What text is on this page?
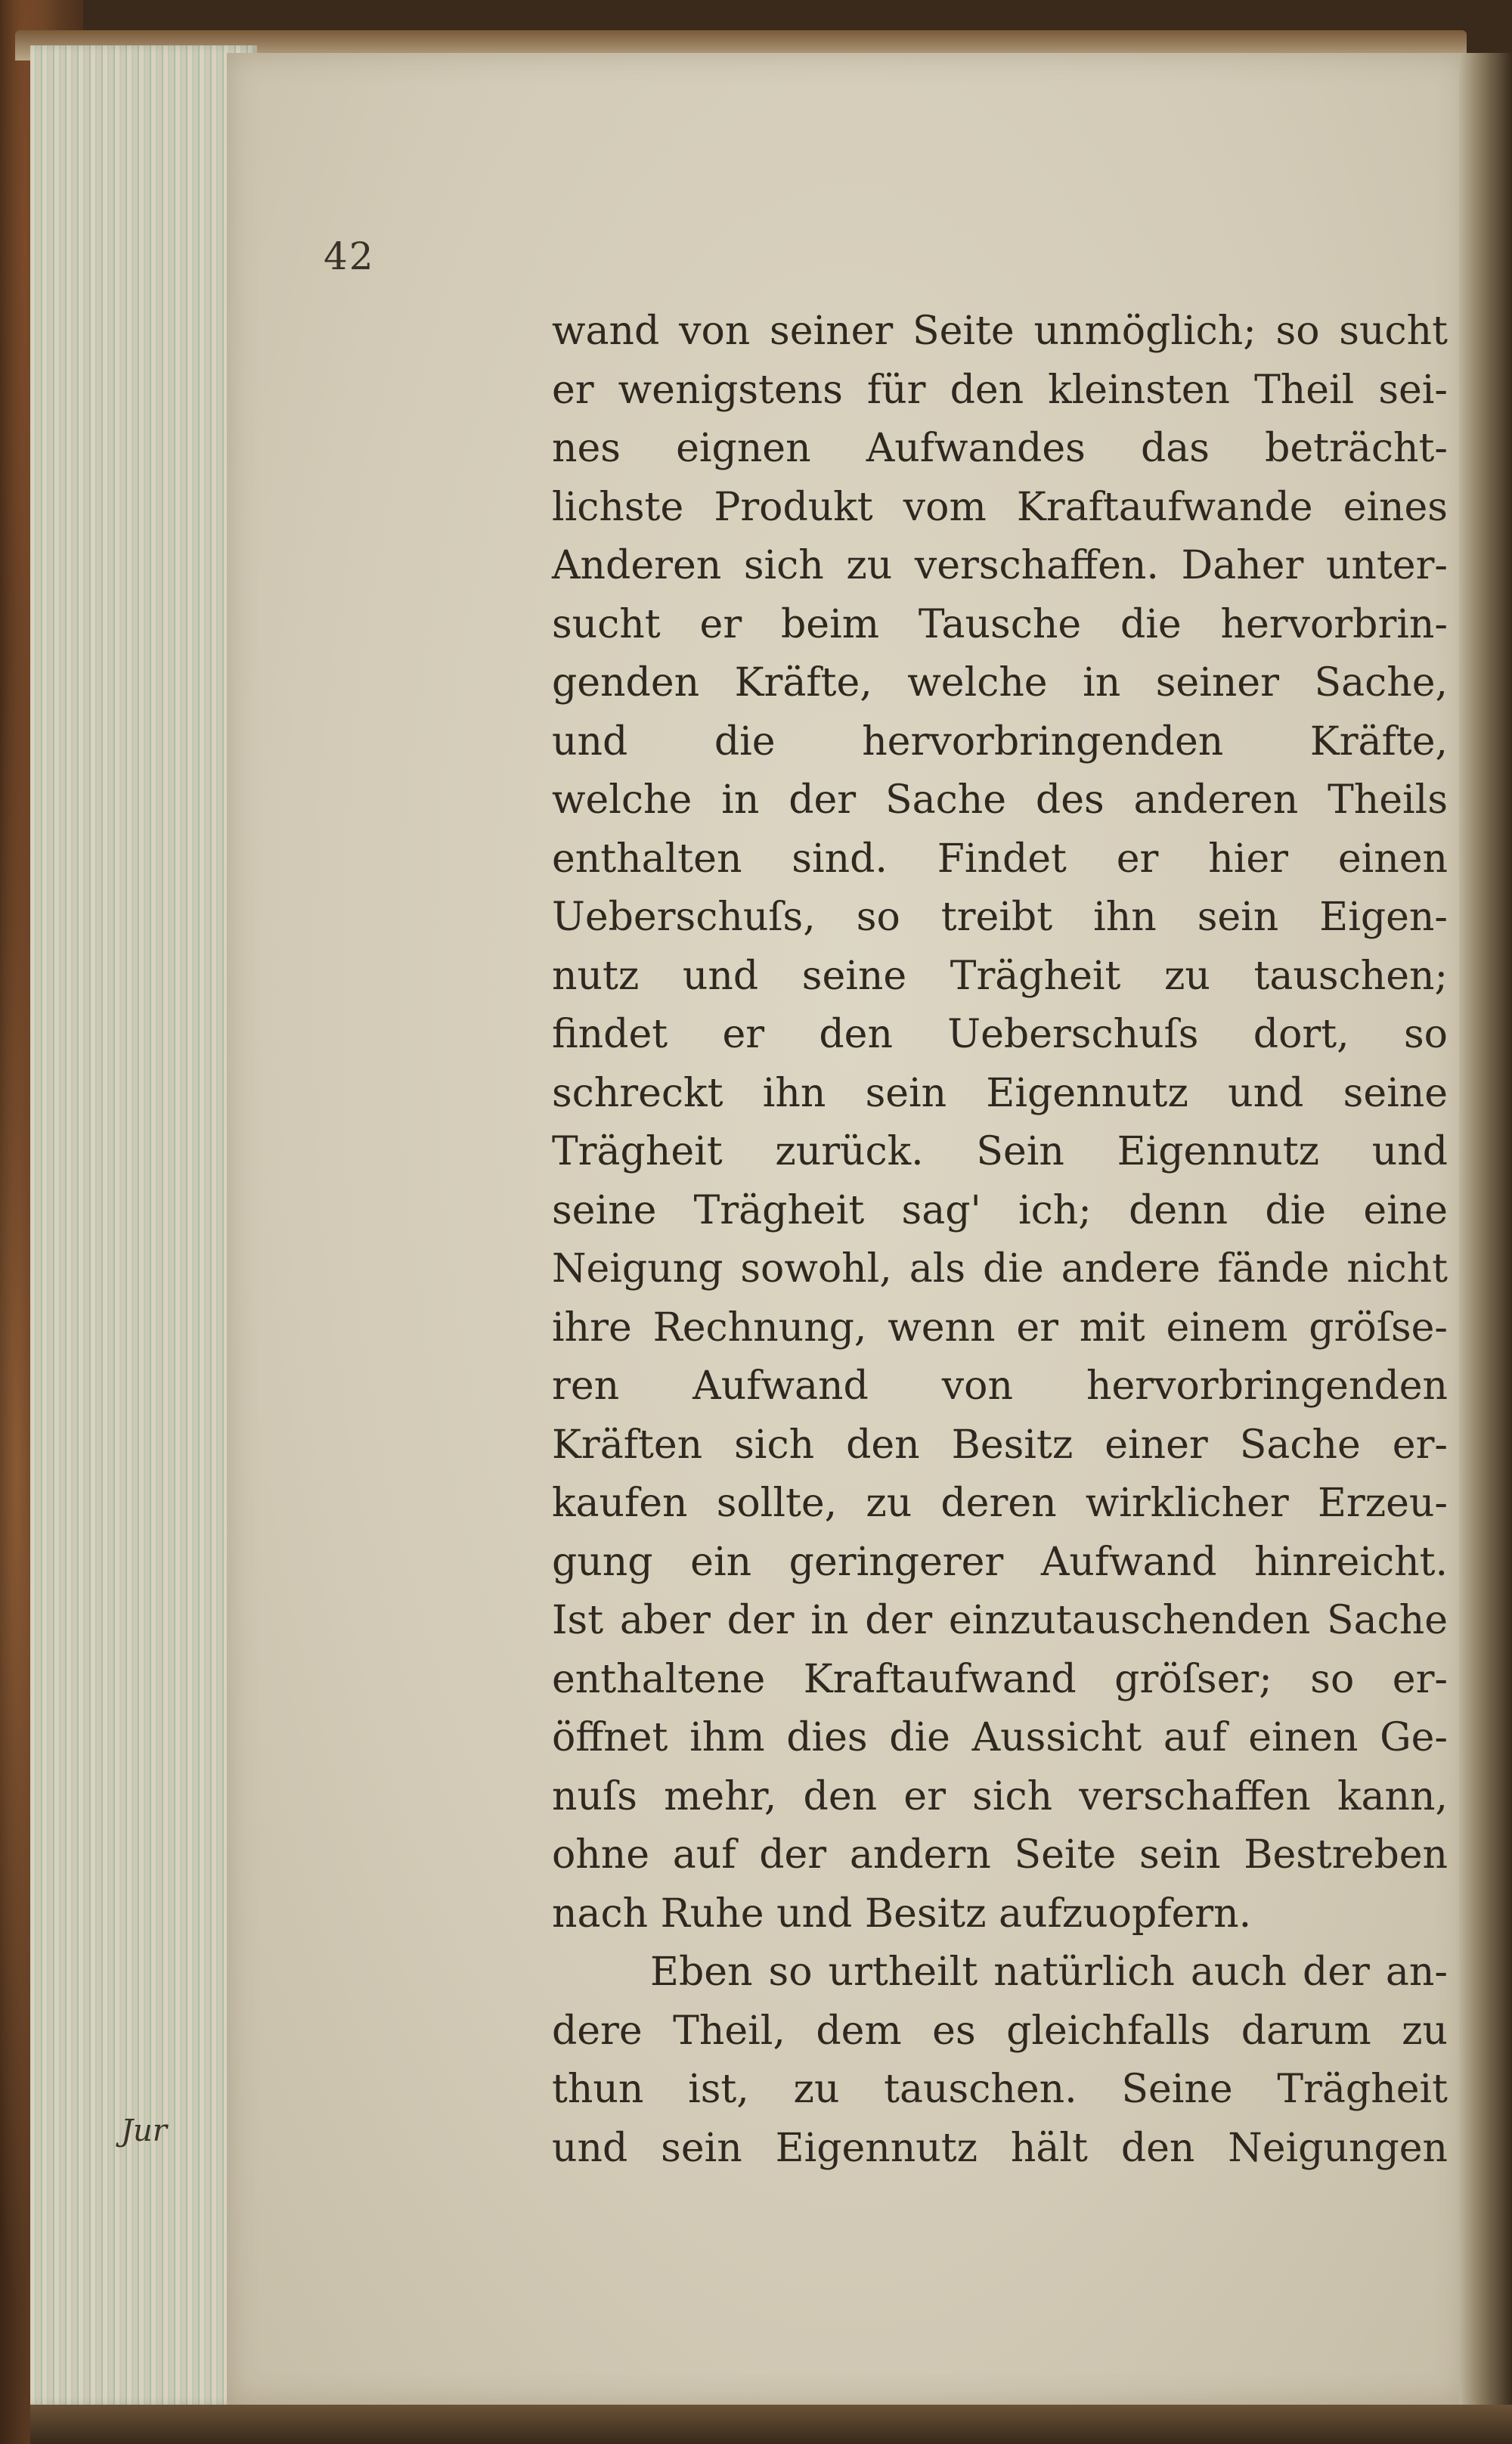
42
wand von seiner Seite unmöglich; so sucht
er wenigstens für den kleinsten Theil sei-
nes eignen Aufwandes das beträcht-
lichste Produkt vom Kraftaufwande eines
Anderen sich zu verschaffen. Daher unter-
sucht er beim Tausche die hervorbrin-
genden Kräfte, welche in seiner Sache,
und die hervorbringenden Kräfte,
welche in der Sache des anderen Theils
enthalten sind. Findet er hier einen
Ueberschuſs, so treibt ihn sein Eigen-
nutz und seine Trägheit zu tauschen;
findet er den Ueberschuſs dort, so
schreckt ihn sein Eigennutz und seine
Trägheit zurück. Sein Eigennutz und
seine Trägheit sag' ich; denn die eine
Neigung sowohl, als die andere fände nicht
ihre Rechnung, wenn er mit einem gröſse-
ren Aufwand von hervorbringenden
Kräften sich den Besitz einer Sache er-
kaufen sollte, zu deren wirklicher Erzeu-
gung ein geringerer Aufwand hinreicht.
Ist aber der in der einzutauschenden Sache
enthaltene Kraftaufwand gröſser; so er-
öffnet ihm dies die Aussicht auf einen Ge-
nuſs mehr, den er sich verschaffen kann,
ohne auf der andern Seite sein Bestreben
nach Ruhe und Besitz aufzuopfern.
Eben so urtheilt natürlich auch der an-
dere Theil, dem es gleichfalls darum zu
thun ist, zu tauschen. Seine Trägheit
und sein Eigennutz hält den Neigungen
Jur
